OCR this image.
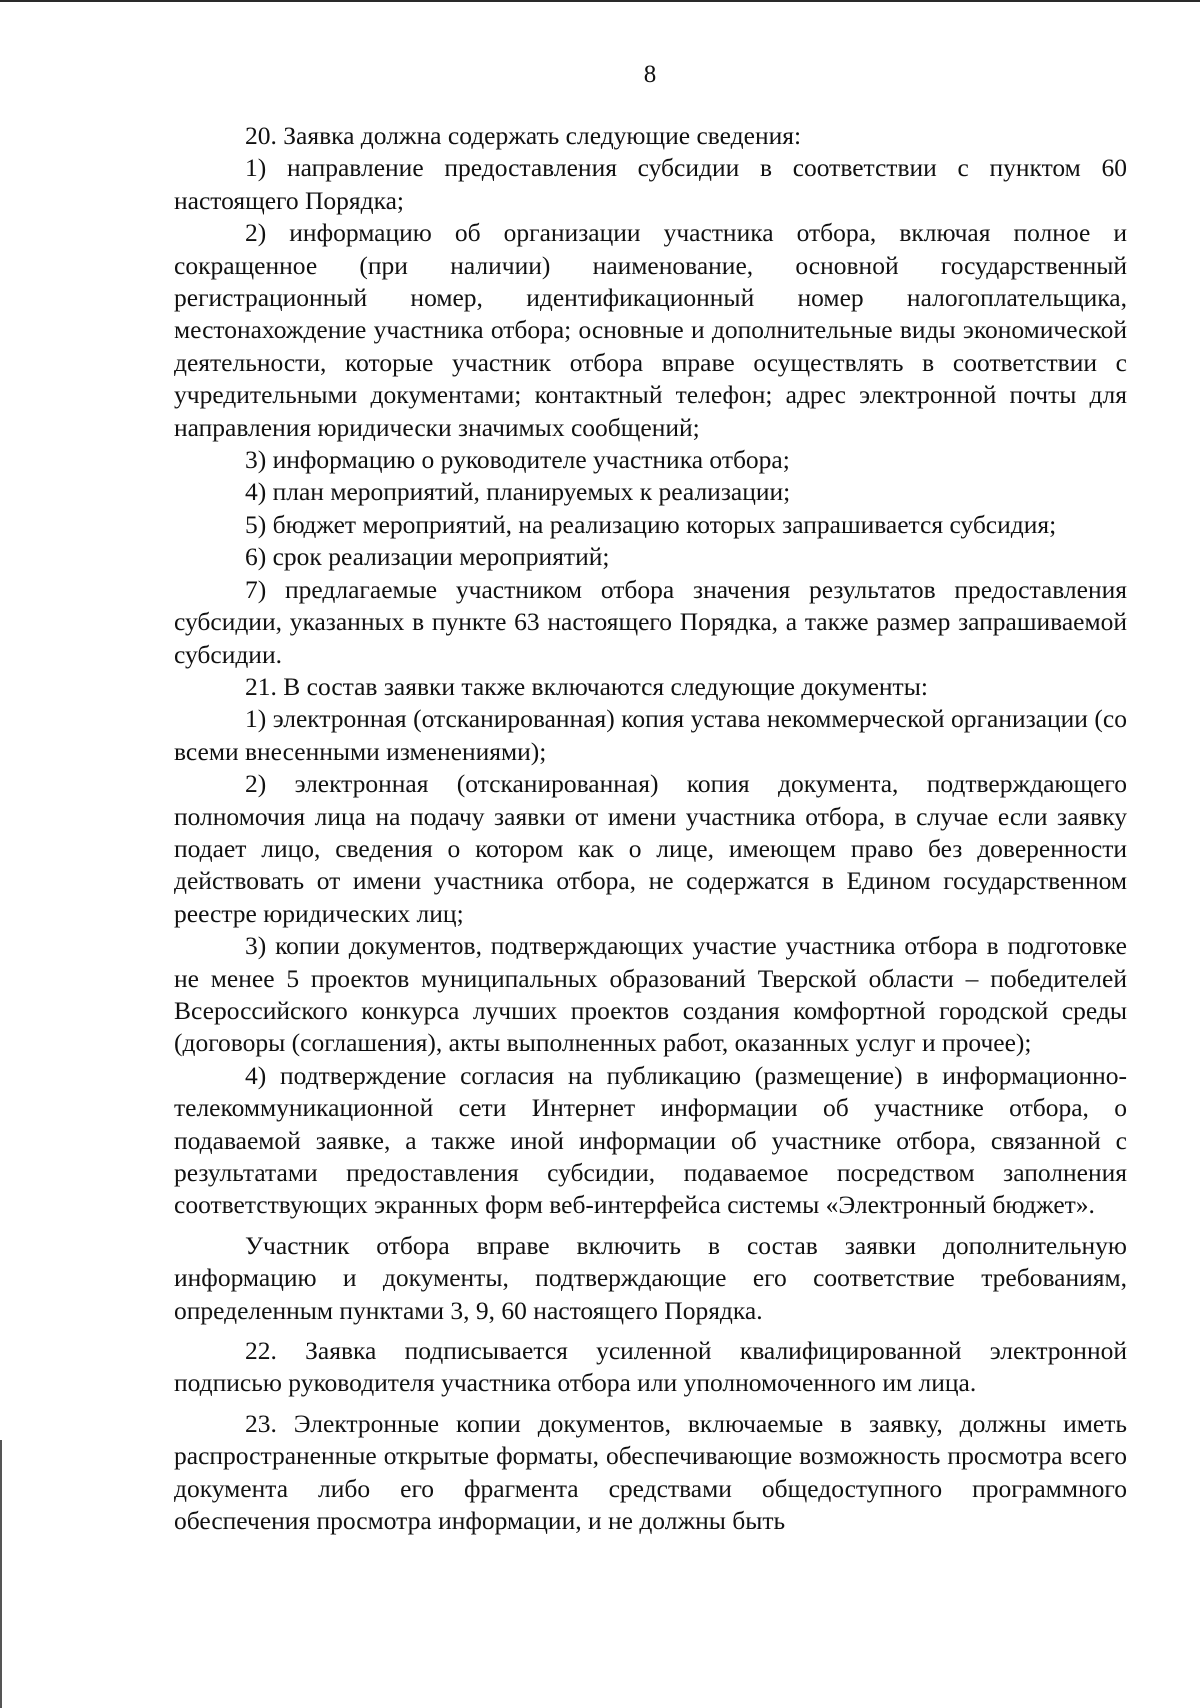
8

20. Заявка должна содержать следующие сведения:

1) направление предоставления субсидии в соответствии с пунктом 60 настоящего Порядка;

2) информацию об организации участника отбора, включая полное и сокращенное (при наличии) наименование, основной государственный регистрационный номер, идентификационный номер налогоплательщика, местонахождение участника отбора; основные и дополнительные виды экономической деятельности, которые участник отбора вправе осуществлять в соответствии с учредительными документами; контактный телефон; адрес электронной почты для направления юридически значимых сообщений;

3) информацию о руководителе участника отбора;

4) план мероприятий, планируемых к реализации;

5) бюджет мероприятий, на реализацию которых запрашивается субсидия;

6) срок реализации мероприятий;

7) предлагаемые участником отбора значения результатов предоставления субсидии, указанных в пункте 63 настоящего Порядка, а также размер запрашиваемой субсидии.

21. В состав заявки также включаются следующие документы:

1) электронная (отсканированная) копия устава некоммерческой организации (со всеми внесенными изменениями);

2) электронная (отсканированная) копия документа, подтверждающего полномочия лица на подачу заявки от имени участника отбора, в случае если заявку подает лицо, сведения о котором как о лице, имеющем право без доверенности действовать от имени участника отбора, не содержатся в Едином государственном реестре юридических лиц;

3) копии документов, подтверждающих участие участника отбора в подготовке не менее 5 проектов муниципальных образований Тверской области – победителей Всероссийского конкурса лучших проектов создания комфортной городской среды (договоры (соглашения), акты выполненных работ, оказанных услуг и прочее);

4) подтверждение согласия на публикацию (размещение) в информационно-телекоммуникационной сети Интернет информации об участнике отбора, о подаваемой заявке, а также иной информации об участнике отбора, связанной с результатами предоставления субсидии, подаваемое посредством заполнения соответствующих экранных форм веб-интерфейса системы «Электронный бюджет».

Участник отбора вправе включить в состав заявки дополнительную информацию и документы, подтверждающие его соответствие требованиям, определенным пунктами 3, 9, 60 настоящего Порядка.

22. Заявка подписывается усиленной квалифицированной электронной подписью руководителя участника отбора или уполномоченного им лица.

23. Электронные копии документов, включаемые в заявку, должны иметь распространенные открытые форматы, обеспечивающие возможность просмотра всего документа либо его фрагмента средствами общедоступного программного обеспечения просмотра информации, и не должны быть
